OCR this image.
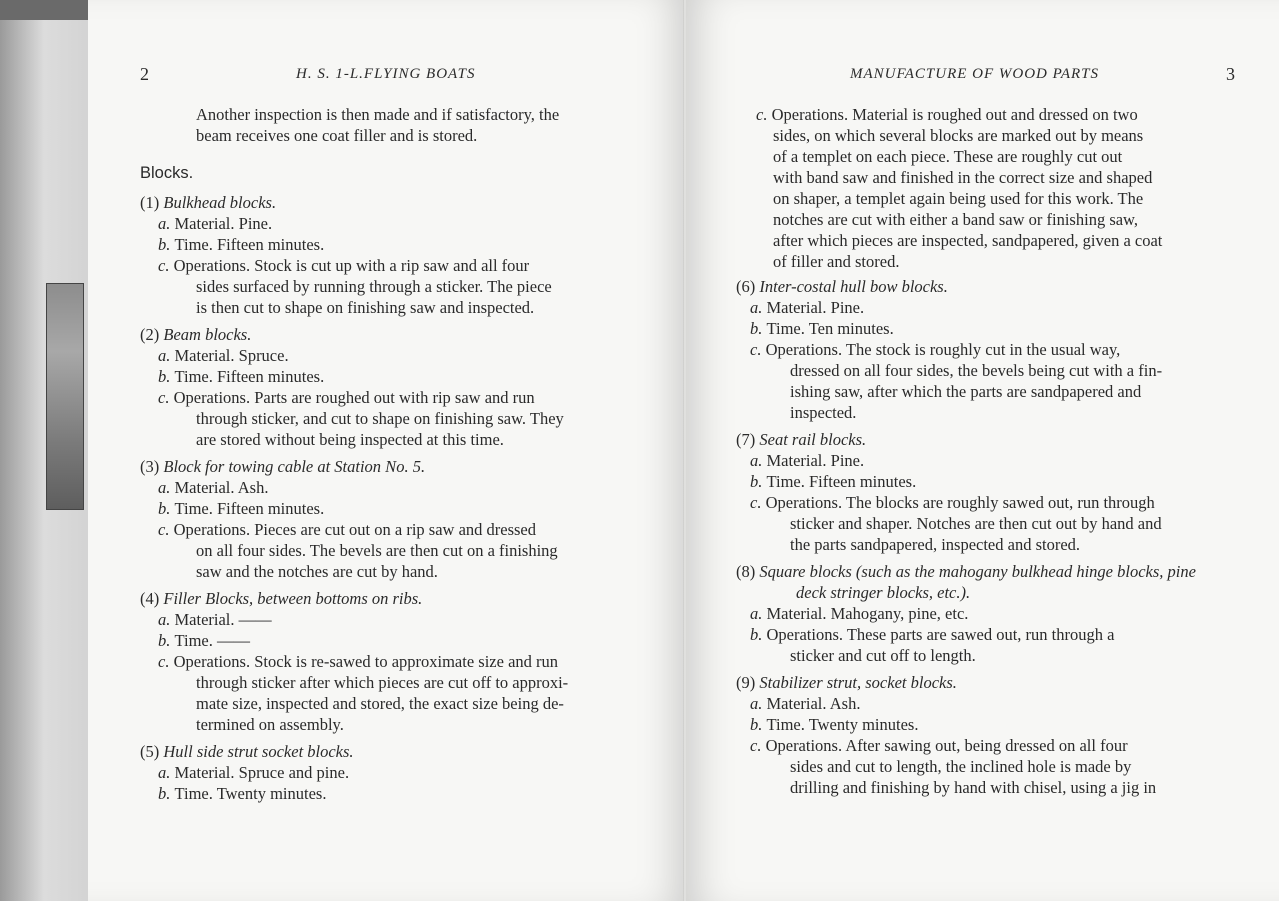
2	H. S. 1-L.FLYING BOATS
Another inspection is then made and if satisfactory, the
beam receives one coat filler and is stored.
Blocks.
(1) Bulkhead blocks.
a. Material. Pine.
b. Time. Fifteen minutes.
c. Operations. Stock is cut up with a rip saw and all four
sides surfaced by running through a sticker. The piece
is then cut to shape on finishing saw and inspected.
(2) Beam blocks.
a. Material. Spruce.
b. Time. Fifteen minutes.
c. Operations. Parts are roughed out with rip saw and run
through sticker, and cut to shape on finishing saw. They
are stored without being inspected at this time.
(3) Block for towing cable at Station No. 5.
a. Material. Ash.
b. Time. Fifteen minutes.
c. Operations. Pieces are cut out on a rip saw and dressed
on all four sides. The bevels are then cut on a finishing
saw and the notches are cut by hand.
(4) Filler Blocks, between bottoms on ribs.
a. Material. ——
b. Time. ——
c. Operations. Stock is re-sawed to approximate size and run
through sticker after which pieces are cut off to approxi-
mate size, inspected and stored, the exact size being de-
termined on assembly.
(5) Hull side strut socket blocks.
a. Material. Spruce and pine.
b. Time. Twenty minutes.
MANUFACTURE OF WOOD PARTS	3
c. Operations. Material is roughed out and dressed on two
sides, on which several blocks are marked out by means
of a templet on each piece. These are roughly cut out
with band saw and finished in the correct size and shaped
on shaper, a templet again being used for this work. The
notches are cut with either a band saw or finishing saw,
after which pieces are inspected, sandpapered, given a coat
of filler and stored.
(6) Inter-costal hull bow blocks.
a. Material. Pine.
b. Time. Ten minutes.
c. Operations. The stock is roughly cut in the usual way,
dressed on all four sides, the bevels being cut with a fin-
ishing saw, after which the parts are sandpapered and
inspected.
(7) Seat rail blocks.
a. Material. Pine.
b. Time. Fifteen minutes.
c. Operations. The blocks are roughly sawed out, run through
sticker and shaper. Notches are then cut out by hand and
the parts sandpapered, inspected and stored.
(8) Square blocks (such as the mahogany bulkhead hinge blocks, pine
deck stringer blocks, etc.).
a. Material. Mahogany, pine, etc.
b. Operations. These parts are sawed out, run through a
sticker and cut off to length.
(9) Stabilizer strut, socket blocks.
a. Material. Ash.
b. Time. Twenty minutes.
c. Operations. After sawing out, being dressed on all four
sides and cut to length, the inclined hole is made by
drilling and finishing by hand with chisel, using a jig in
